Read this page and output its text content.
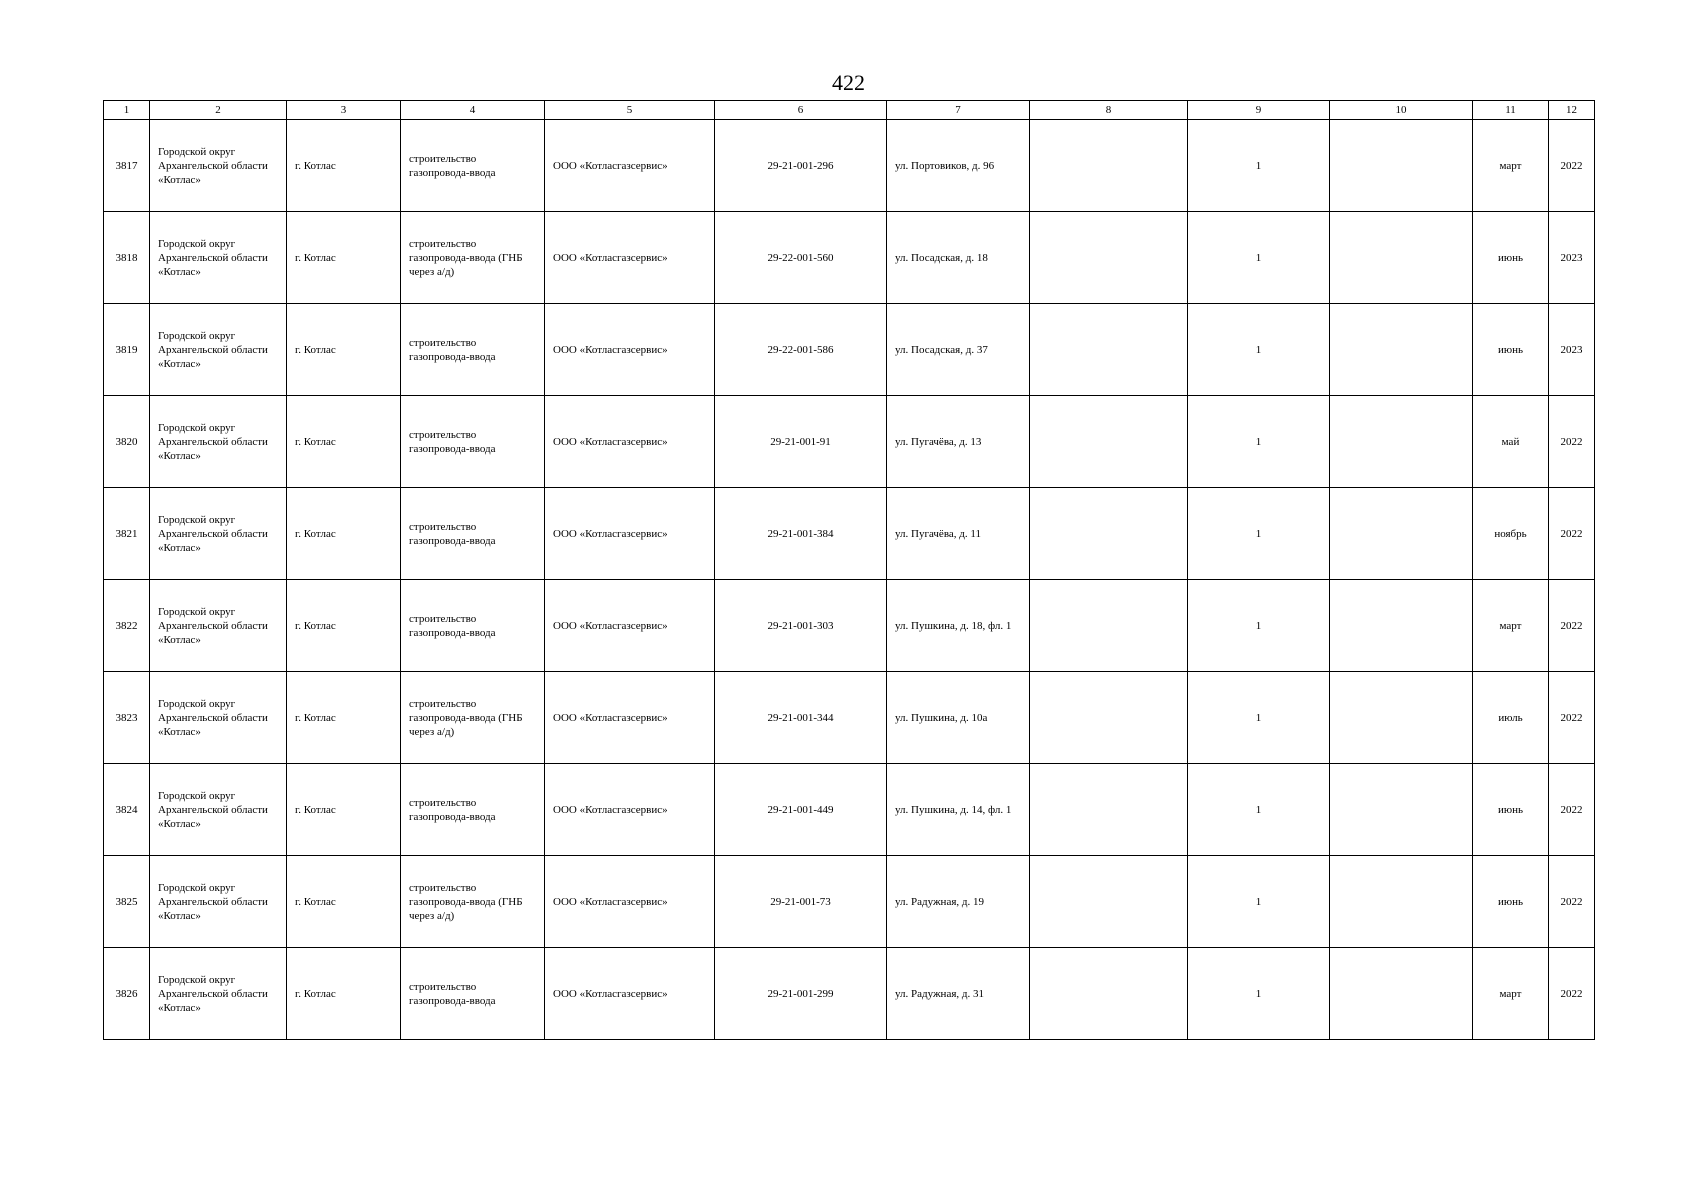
422
1	2	3	4	5	6	7	8	9	10	11	12
3817	Городской округ Архангельской области «Котлас»	г. Котлас	строительство газопровода-ввода	ООО «Котласгазсервис»	29-21-001-296	ул. Портовиков, д. 96		1		март	2022
3818	Городской округ Архангельской области «Котлас»	г. Котлас	строительство газопровода-ввода (ГНБ через а/д)	ООО «Котласгазсервис»	29-22-001-560	ул. Посадская, д. 18		1		июнь	2023
3819	Городской округ Архангельской области «Котлас»	г. Котлас	строительство газопровода-ввода	ООО «Котласгазсервис»	29-22-001-586	ул. Посадская, д. 37		1		июнь	2023
3820	Городской округ Архангельской области «Котлас»	г. Котлас	строительство газопровода-ввода	ООО «Котласгазсервис»	29-21-001-91	ул. Пугачёва, д. 13		1		май	2022
3821	Городской округ Архангельской области «Котлас»	г. Котлас	строительство газопровода-ввода	ООО «Котласгазсервис»	29-21-001-384	ул. Пугачёва, д. 11		1		ноябрь	2022
3822	Городской округ Архангельской области «Котлас»	г. Котлас	строительство газопровода-ввода	ООО «Котласгазсервис»	29-21-001-303	ул. Пушкина, д. 18, фл. 1		1		март	2022
3823	Городской округ Архангельской области «Котлас»	г. Котлас	строительство газопровода-ввода (ГНБ через а/д)	ООО «Котласгазсервис»	29-21-001-344	ул. Пушкина, д. 10а		1		июль	2022
3824	Городской округ Архангельской области «Котлас»	г. Котлас	строительство газопровода-ввода	ООО «Котласгазсервис»	29-21-001-449	ул. Пушкина, д. 14, фл. 1		1		июнь	2022
3825	Городской округ Архангельской области «Котлас»	г. Котлас	строительство газопровода-ввода (ГНБ через а/д)	ООО «Котласгазсервис»	29-21-001-73	ул. Радужная, д. 19		1		июнь	2022
3826	Городской округ Архангельской области «Котлас»	г. Котлас	строительство газопровода-ввода	ООО «Котласгазсервис»	29-21-001-299	ул. Радужная, д. 31		1		март	2022
